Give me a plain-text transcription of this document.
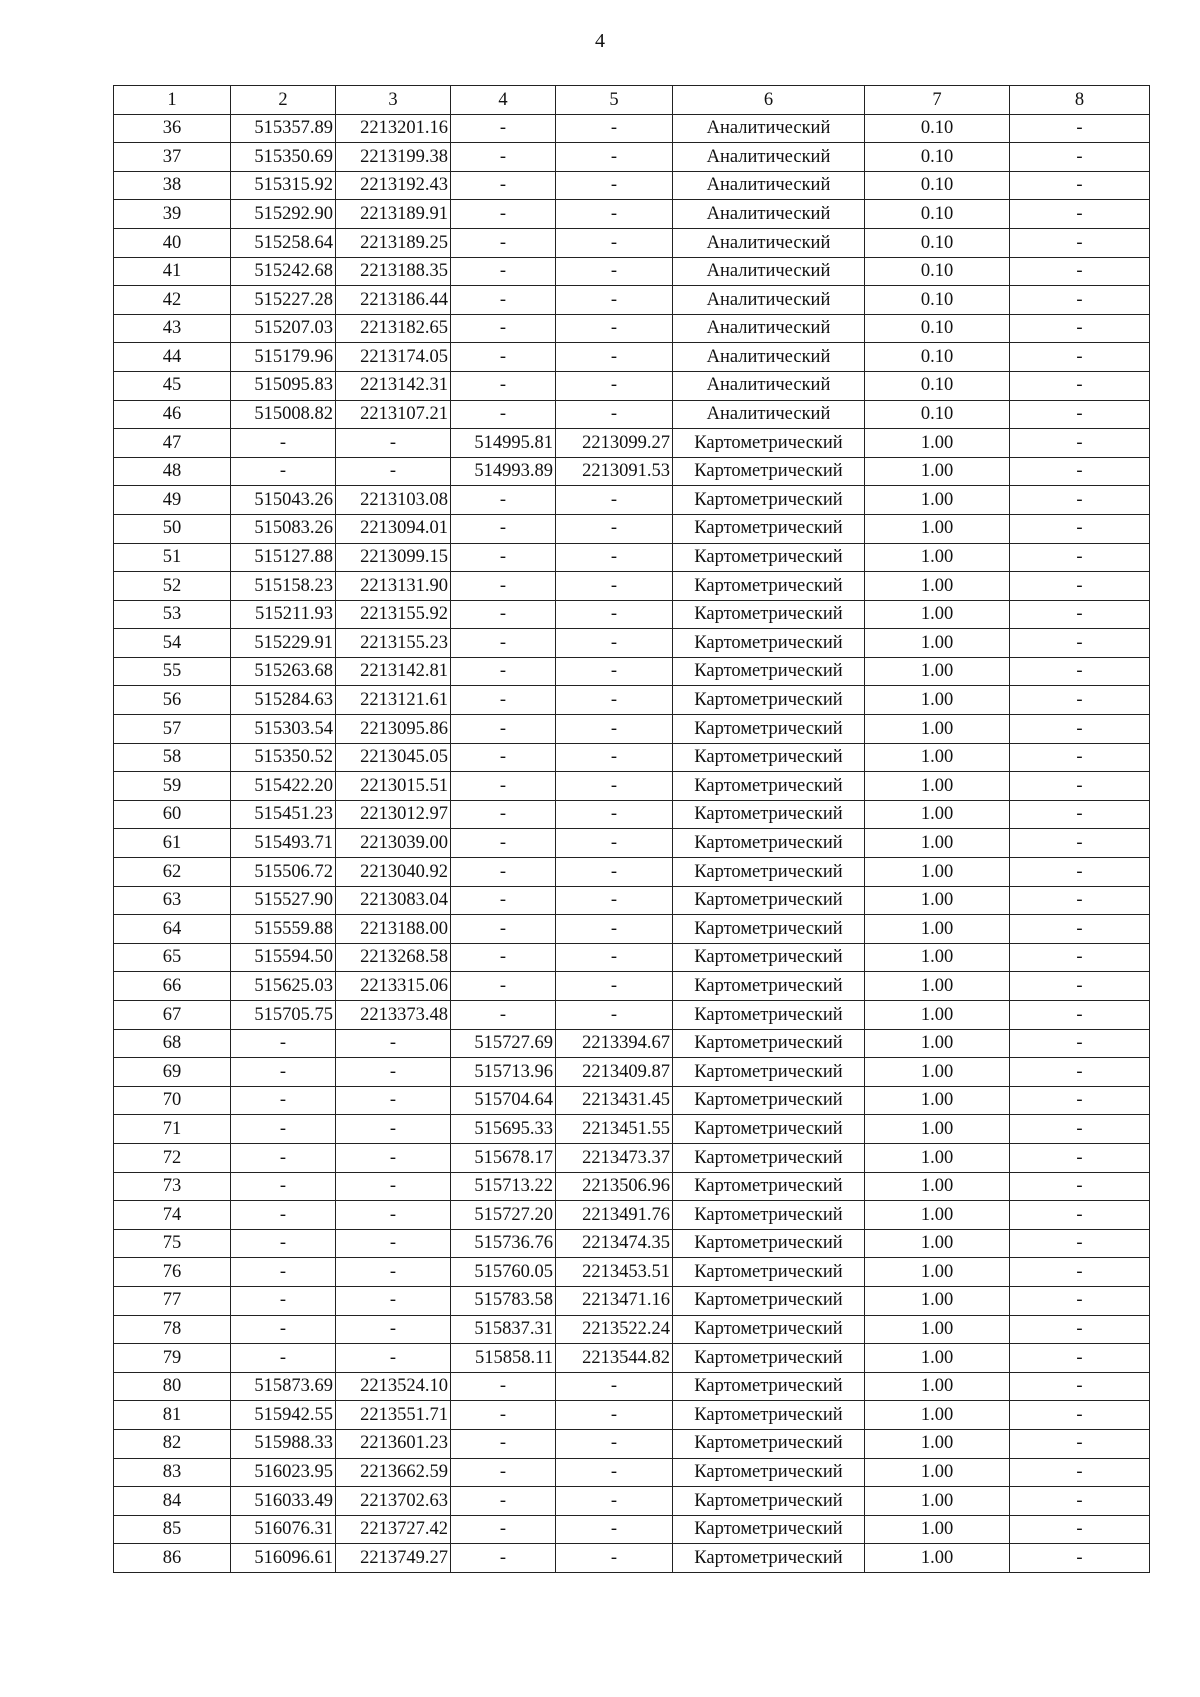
4
1	2	3	4	5	6	7	8
36	515357.89	2213201.16	-	-	Аналитический	0.10	-
37	515350.69	2213199.38	-	-	Аналитический	0.10	-
38	515315.92	2213192.43	-	-	Аналитический	0.10	-
39	515292.90	2213189.91	-	-	Аналитический	0.10	-
40	515258.64	2213189.25	-	-	Аналитический	0.10	-
41	515242.68	2213188.35	-	-	Аналитический	0.10	-
42	515227.28	2213186.44	-	-	Аналитический	0.10	-
43	515207.03	2213182.65	-	-	Аналитический	0.10	-
44	515179.96	2213174.05	-	-	Аналитический	0.10	-
45	515095.83	2213142.31	-	-	Аналитический	0.10	-
46	515008.82	2213107.21	-	-	Аналитический	0.10	-
47	-	-	514995.81	2213099.27	Картометрический	1.00	-
48	-	-	514993.89	2213091.53	Картометрический	1.00	-
49	515043.26	2213103.08	-	-	Картометрический	1.00	-
50	515083.26	2213094.01	-	-	Картометрический	1.00	-
51	515127.88	2213099.15	-	-	Картометрический	1.00	-
52	515158.23	2213131.90	-	-	Картометрический	1.00	-
53	515211.93	2213155.92	-	-	Картометрический	1.00	-
54	515229.91	2213155.23	-	-	Картометрический	1.00	-
55	515263.68	2213142.81	-	-	Картометрический	1.00	-
56	515284.63	2213121.61	-	-	Картометрический	1.00	-
57	515303.54	2213095.86	-	-	Картометрический	1.00	-
58	515350.52	2213045.05	-	-	Картометрический	1.00	-
59	515422.20	2213015.51	-	-	Картометрический	1.00	-
60	515451.23	2213012.97	-	-	Картометрический	1.00	-
61	515493.71	2213039.00	-	-	Картометрический	1.00	-
62	515506.72	2213040.92	-	-	Картометрический	1.00	-
63	515527.90	2213083.04	-	-	Картометрический	1.00	-
64	515559.88	2213188.00	-	-	Картометрический	1.00	-
65	515594.50	2213268.58	-	-	Картометрический	1.00	-
66	515625.03	2213315.06	-	-	Картометрический	1.00	-
67	515705.75	2213373.48	-	-	Картометрический	1.00	-
68	-	-	515727.69	2213394.67	Картометрический	1.00	-
69	-	-	515713.96	2213409.87	Картометрический	1.00	-
70	-	-	515704.64	2213431.45	Картометрический	1.00	-
71	-	-	515695.33	2213451.55	Картометрический	1.00	-
72	-	-	515678.17	2213473.37	Картометрический	1.00	-
73	-	-	515713.22	2213506.96	Картометрический	1.00	-
74	-	-	515727.20	2213491.76	Картометрический	1.00	-
75	-	-	515736.76	2213474.35	Картометрический	1.00	-
76	-	-	515760.05	2213453.51	Картометрический	1.00	-
77	-	-	515783.58	2213471.16	Картометрический	1.00	-
78	-	-	515837.31	2213522.24	Картометрический	1.00	-
79	-	-	515858.11	2213544.82	Картометрический	1.00	-
80	515873.69	2213524.10	-	-	Картометрический	1.00	-
81	515942.55	2213551.71	-	-	Картометрический	1.00	-
82	515988.33	2213601.23	-	-	Картометрический	1.00	-
83	516023.95	2213662.59	-	-	Картометрический	1.00	-
84	516033.49	2213702.63	-	-	Картометрический	1.00	-
85	516076.31	2213727.42	-	-	Картометрический	1.00	-
86	516096.61	2213749.27	-	-	Картометрический	1.00	-
